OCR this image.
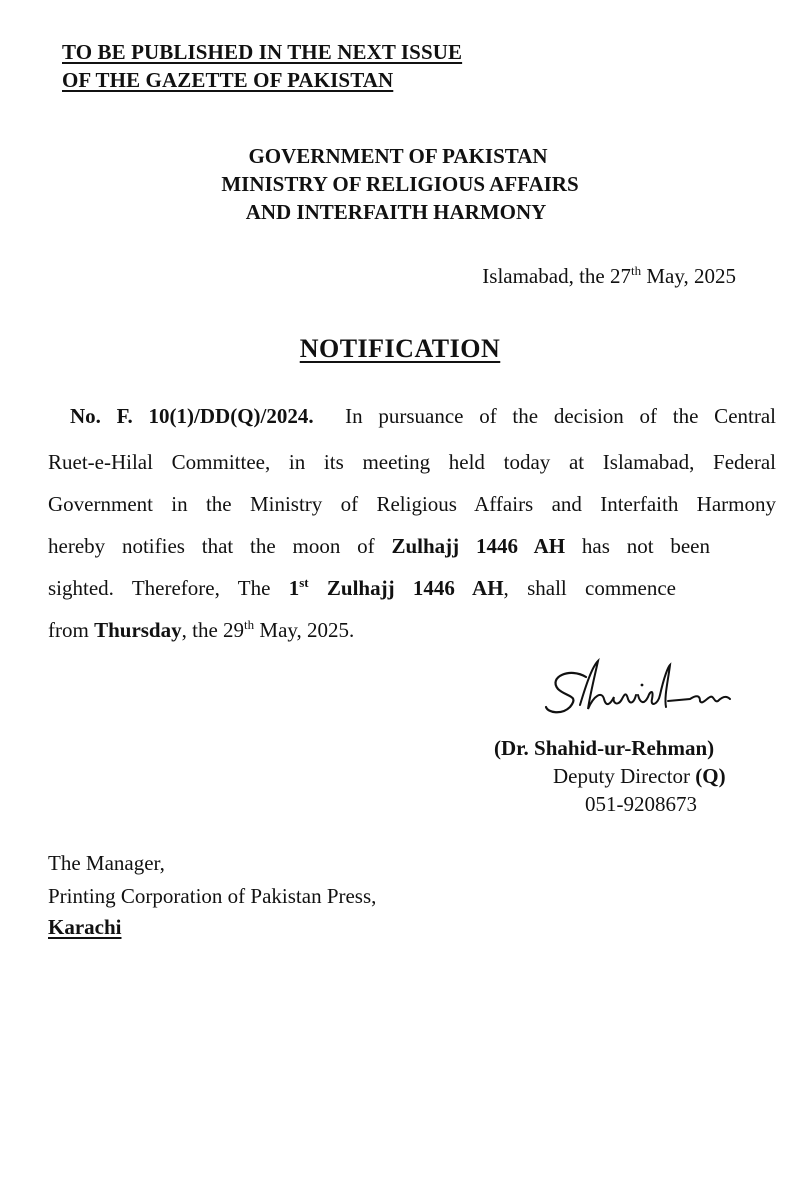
TO BE PUBLISHED IN THE NEXT ISSUE
OF THE GAZETTE OF PAKISTAN
GOVERNMENT OF PAKISTAN
MINISTRY OF RELIGIOUS AFFAIRS
AND INTERFAITH HARMONY
Islamabad, the 27th May, 2025
NOTIFICATION
No. F. 10(1)/DD(Q)/2024. In pursuance of the decision of the Central
Ruet-e-Hilal Committee, in its meeting held today at Islamabad, Federal
Government in the Ministry of Religious Affairs and Interfaith Harmony
hereby notifies that the moon of Zulhajj 1446 AH has not been
sighted. Therefore, The 1st Zulhajj 1446 AH, shall commence
from Thursday, the 29th May, 2025.
(Dr. Shahid-ur-Rehman)
Deputy Director (Q)
051-9208673
The Manager,
Printing Corporation of Pakistan Press,
Karachi
